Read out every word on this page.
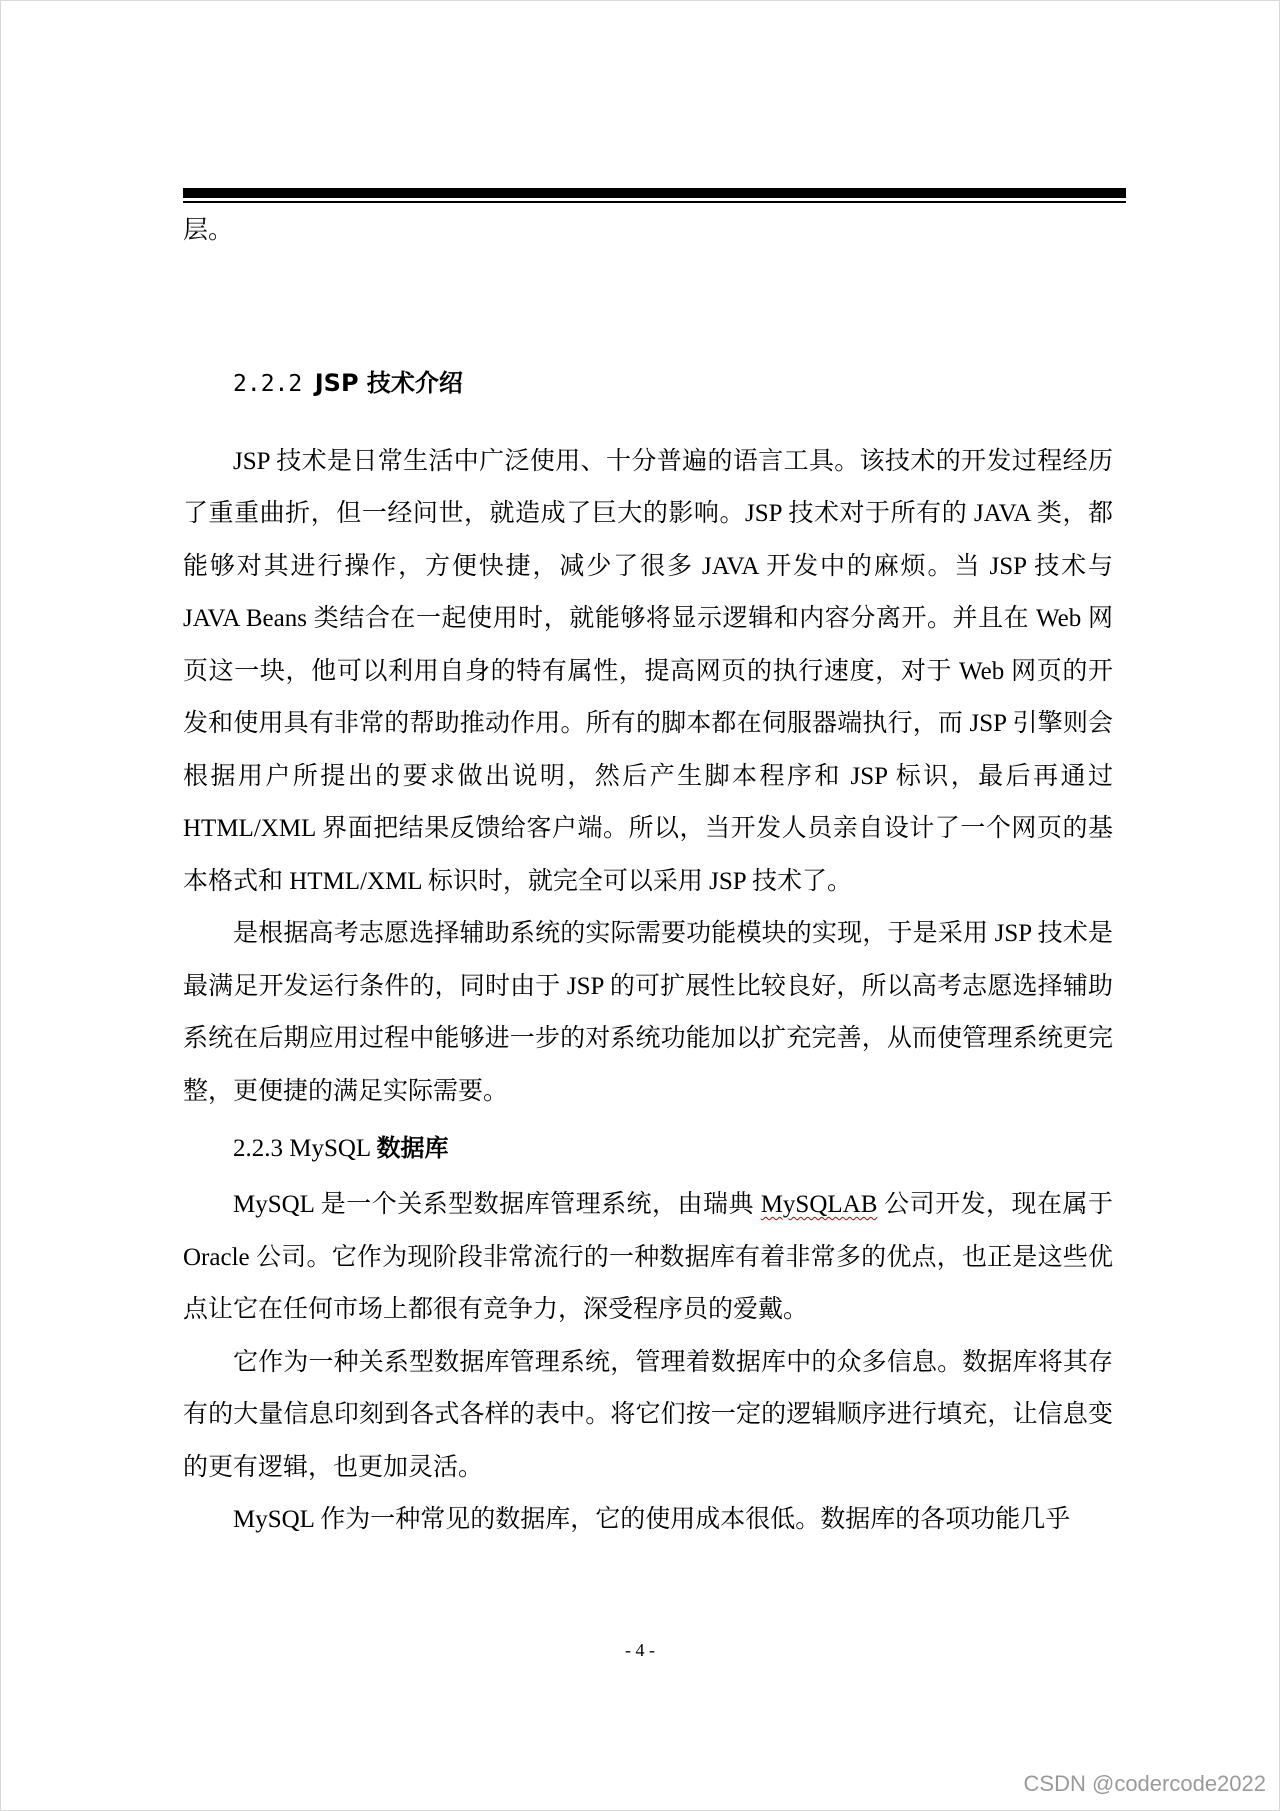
层。

2.2.2 JSP 技术介绍

JSP 技术是日常生活中广泛使用、十分普遍的语言工具。该技术的开发过程经历了重重曲折，但一经问世，就造成了巨大的影响。JSP 技术对于所有的 JAVA 类，都能够对其进行操作，方便快捷，减少了很多 JAVA 开发中的麻烦。当 JSP 技术与 JAVA Beans 类结合在一起使用时，就能够将显示逻辑和内容分离开。并且在 Web 网页这一块，他可以利用自身的特有属性，提高网页的执行速度，对于 Web 网页的开发和使用具有非常的帮助推动作用。所有的脚本都在伺服器端执行，而 JSP 引擎则会根据用户所提出的要求做出说明，然后产生脚本程序和 JSP 标识，最后再通过 HTML/XML 界面把结果反馈给客户端。所以，当开发人员亲自设计了一个网页的基本格式和 HTML/XML 标识时，就完全可以采用 JSP 技术了。

是根据高考志愿选择辅助系统的实际需要功能模块的实现，于是采用 JSP 技术是最满足开发运行条件的，同时由于 JSP 的可扩展性比较良好，所以高考志愿选择辅助系统在后期应用过程中能够进一步的对系统功能加以扩充完善，从而使管理系统更完整，更便捷的满足实际需要。

2.2.3 MySQL 数据库

MySQL 是一个关系型数据库管理系统，由瑞典 MySQLAB 公司开发，现在属于 Oracle 公司。它作为现阶段非常流行的一种数据库有着非常多的优点，也正是这些优点让它在任何市场上都很有竞争力，深受程序员的爱戴。

它作为一种关系型数据库管理系统，管理着数据库中的众多信息。数据库将其存有的大量信息印刻到各式各样的表中。将它们按一定的逻辑顺序进行填充，让信息变的更有逻辑，也更加灵活。

MySQL 作为一种常见的数据库，它的使用成本很低。数据库的各项功能几乎

- 4 -
CSDN @codercode2022
